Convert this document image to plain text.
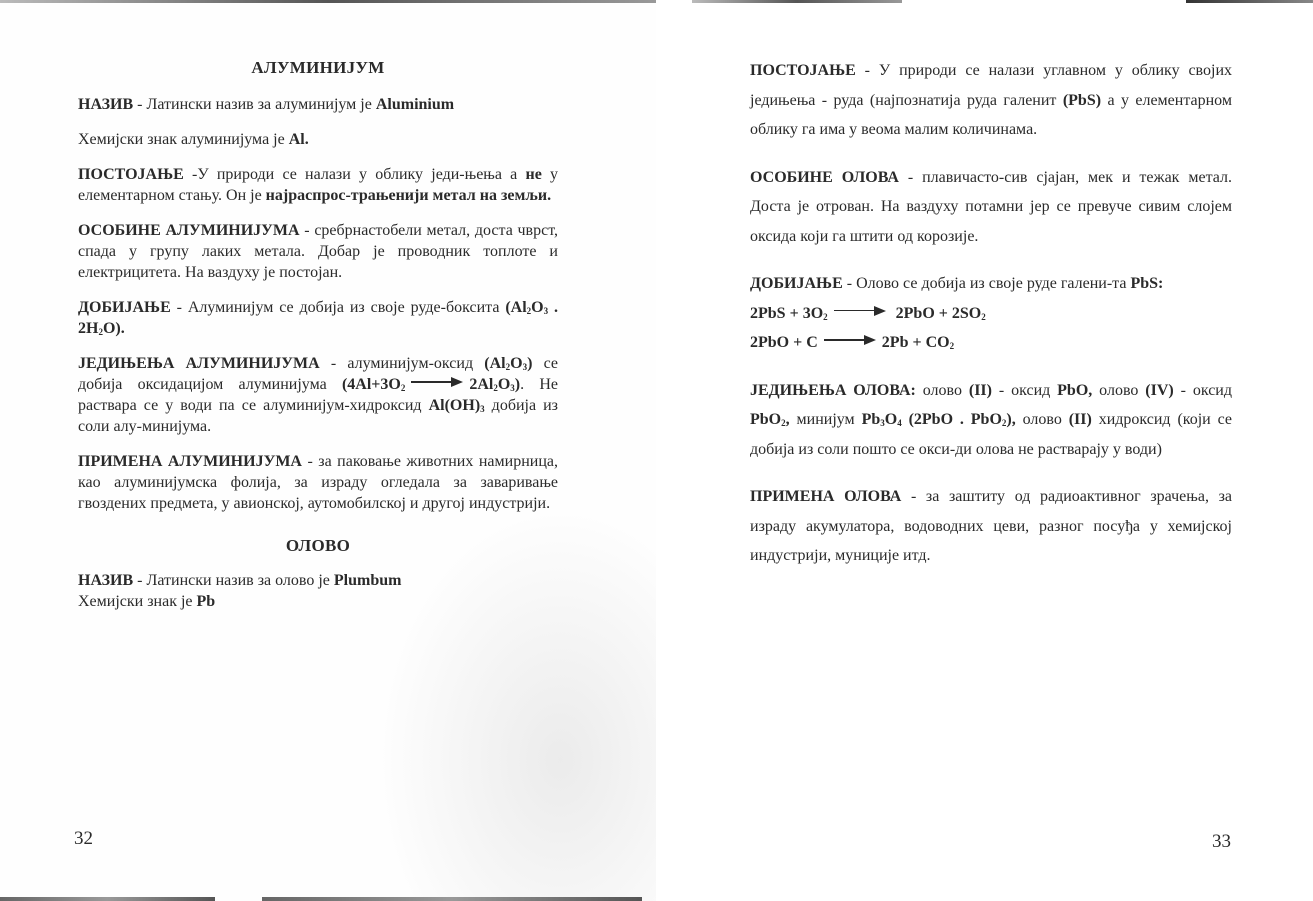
АЛУМИНИЈУМ

НАЗИВ - Латински назив за алуминијум је Aluminium

Хемијски знак алуминијума је Al.

ПОСТОЈАЊЕ -У природи се налази у облику једи-њења а не у елементарном стању. Он је најраспрос-трањенији метал на земљи.

ОСОБИНЕ АЛУМИНИЈУМА - сребрнастобели метал, доста чврст, спада у групу лаких метала. Добар је проводник топлоте и електрицитета. На ваздуху је постојан.

ДОБИЈАЊЕ - Алуминијум се добија из своје руде-боксита ($Al_2O_3$ . $2H_2O$).

ЈЕДИЊЕЊА АЛУМИНИЈУМА - алуминијум-оксид $(Al_2O_3)$ се добија оксидацијом алуминијума ($4Al+3O_2$	$2Al_2O_3$). Не раствара се у води па се алуминијум-хидроксид $Al(OH)_3$ добија из соли алу-минијума.

ПРИМЕНА АЛУМИНИЈУМА - за паковање животних намирница, као алуминијумска фолија, за израду огледала за заваривање гвоздених предмета, у авионској, аутомобилској и другој индустрији.

ОЛОВО

НАЗИВ - Латински назив за олово је Plumbum

Хемијски знак је Pb

32

ПОСТОЈАЊЕ - У природи се налази углавном у облику својих једињења - руда (најпознатија руда галенит (PbS) а у елементарном облику га има у веома малим количинама.

ОСОБИНЕ ОЛОВА - плавичасто-сив сјајан, мек и тежак метал. Доста је отрован. На ваздуху потамни јер се превуче сивим слојем оксида који га штити од корозије.

ДОБИЈАЊЕ - Олово се добија из своје руде галени-та PbS:
$2PbS + 3O_2$	$2PbO + 2SO_2$
2PbO + C	$2Pb + CO_2$

ЈЕДИЊЕЊА ОЛОВА: олово (II) - оксид PbO, олово (IV) - оксид PbO$_2$, минијум $Pb_3O_4$ (2PbO . PbO$_2$), олово (II) хидроксид (који се добија из соли пошто се окси-ди олова не растварају у води)

ПРИМЕНА ОЛОВА - за заштиту од радиоактивног зрачења, за израду акумулатора, водоводних цеви, разног посуђа у хемијској индустрији, муниције итд.

33
